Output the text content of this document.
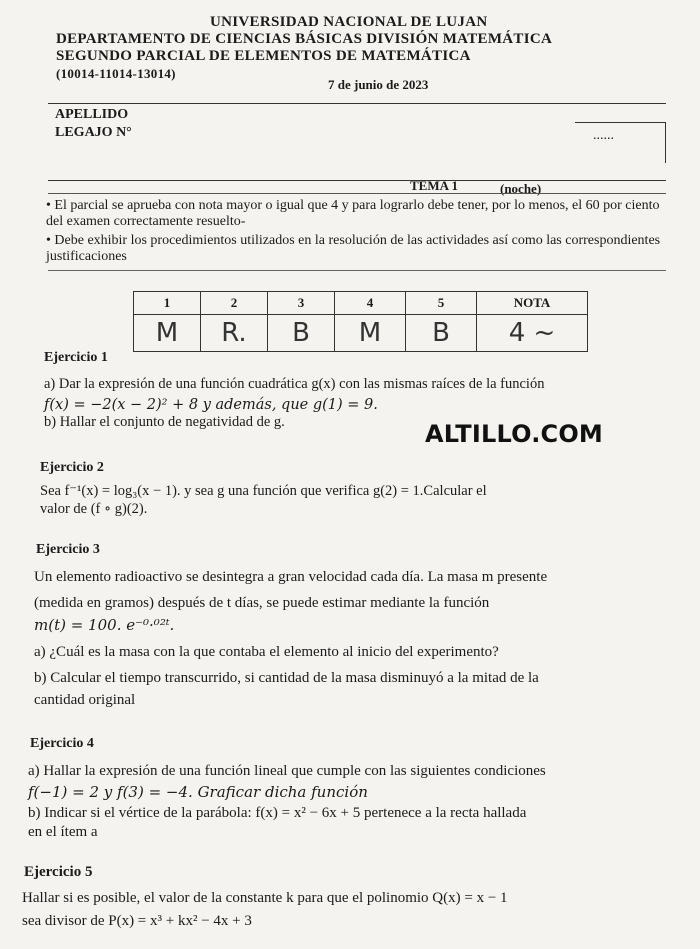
UNIVERSIDAD NACIONAL DE LUJAN
DEPARTAMENTO DE CIENCIAS BÁSICAS DIVISIÓN MATEMÁTICA
SEGUNDO PARCIAL DE ELEMENTOS DE MATEMÁTICA
(10014-11014-13014)
7 de junio de 2023
APELLIDO
LEGAJO N°	......
TEMA 1	(noche)
• El parcial se aprueba con nota mayor o igual que 4 y para lograrlo debe tener, por lo menos, el 60 por ciento del examen correctamente resuelto-
• Debe exhibir los procedimientos utilizados en la resolución de las actividades así como las correspondientes justificaciones
1	2	3	4	5	NOTA
M	R.	B	M	B	4 ~
ALTILLO.COM
Ejercicio 1
a) Dar la expresión de una función cuadrática g(x) con las mismas raíces de la función
f(x) = −2(x − 2)² + 8 y además, que g(1) = 9.
b) Hallar el conjunto de negatividad de g.
Ejercicio 2
Sea f⁻¹(x) = log₃(x − 1). y sea g una función que verifica g(2) = 1.Calcular el
valor de (f ∘ g)(2).
Ejercicio 3
Un elemento radioactivo se desintegra a gran velocidad cada día. La masa m presente
(medida en gramos) después de t días, se puede estimar mediante la función
m(t) = 100. e⁻⁰·⁰²ᵗ.
a) ¿Cuál es la masa con la que contaba el elemento al inicio del experimento?
b) Calcular el tiempo transcurrido, si cantidad de la masa disminuyó a la mitad de la
cantidad original
Ejercicio 4
a) Hallar la expresión de una función lineal que cumple con las siguientes condiciones
f(−1) = 2 y f(3) = −4. Graficar dicha función
b) Indicar si el vértice de la parábola: f(x) = x² − 6x + 5 pertenece a la recta hallada
en el ítem a
Ejercicio 5
Hallar si es posible, el valor de la constante k para que el polinomio Q(x) = x − 1
sea divisor de P(x) = x³ + kx² − 4x + 3
